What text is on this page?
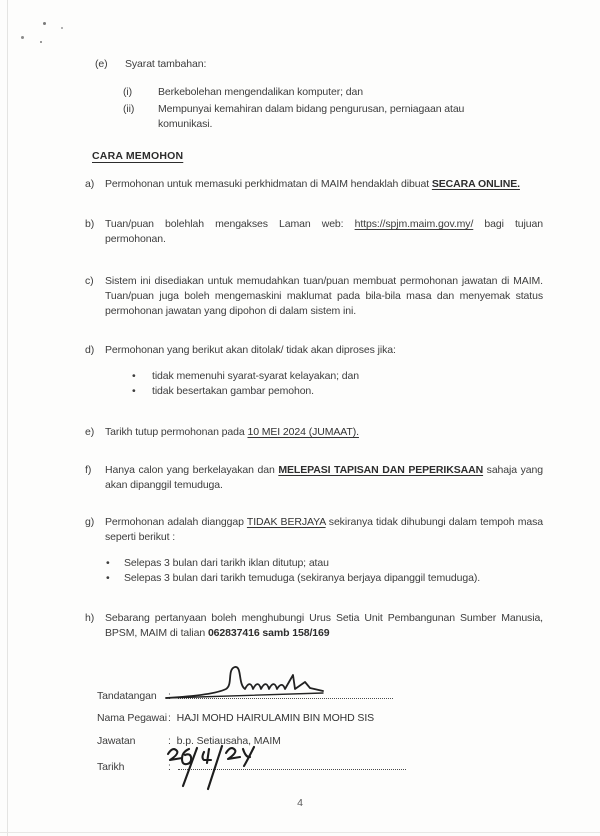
(e)	Syarat tambahan:
(i)	Berkebolehan mengendalikan komputer; dan
(ii)	Mempunyai kemahiran dalam bidang pengurusan, perniagaan atau komunikasi.
CARA MEMOHON
a)	Permohonan untuk memasuki perkhidmatan di MAIM hendaklah dibuat SECARA ONLINE.
b)	Tuan/puan bolehlah mengakses Laman web: https://spjm.maim.gov.my/ bagi tujuan permohonan.
c)	Sistem ini disediakan untuk memudahkan tuan/puan membuat permohonan jawatan di MAIM. Tuan/puan juga boleh mengemaskini maklumat pada bila-bila masa dan menyemak status permohonan jawatan yang dipohon di dalam sistem ini.
d)	Permohonan yang berikut akan ditolak/ tidak akan diproses jika:
•	tidak memenuhi syarat-syarat kelayakan; dan
•	tidak besertakan gambar pemohon.
e)	Tarikh tutup permohonan pada 10 MEI 2024 (JUMAAT).
f)	Hanya calon yang berkelayakan dan MELEPASI TAPISAN DAN PEPERIKSAAN sahaja yang akan dipanggil temuduga.
g)	Permohonan adalah dianggap TIDAK BERJAYA sekiranya tidak dihubungi dalam tempoh masa seperti berikut :
•	Selepas 3 bulan dari tarikh iklan ditutup; atau
•	Selepas 3 bulan dari tarikh temuduga (sekiranya berjaya dipanggil temuduga).
h)	Sebarang pertanyaan boleh menghubungi Urus Setia Unit Pembangunan Sumber Manusia, BPSM, MAIM di talian 062837416 samb 158/169
Tandatangan :
Nama Pegawai: HAJI MOHD HAIRULAMIN BIN MOHD SIS
Jawatan	: b.p. Setiausaha, MAIM
Tarikh	:
4
